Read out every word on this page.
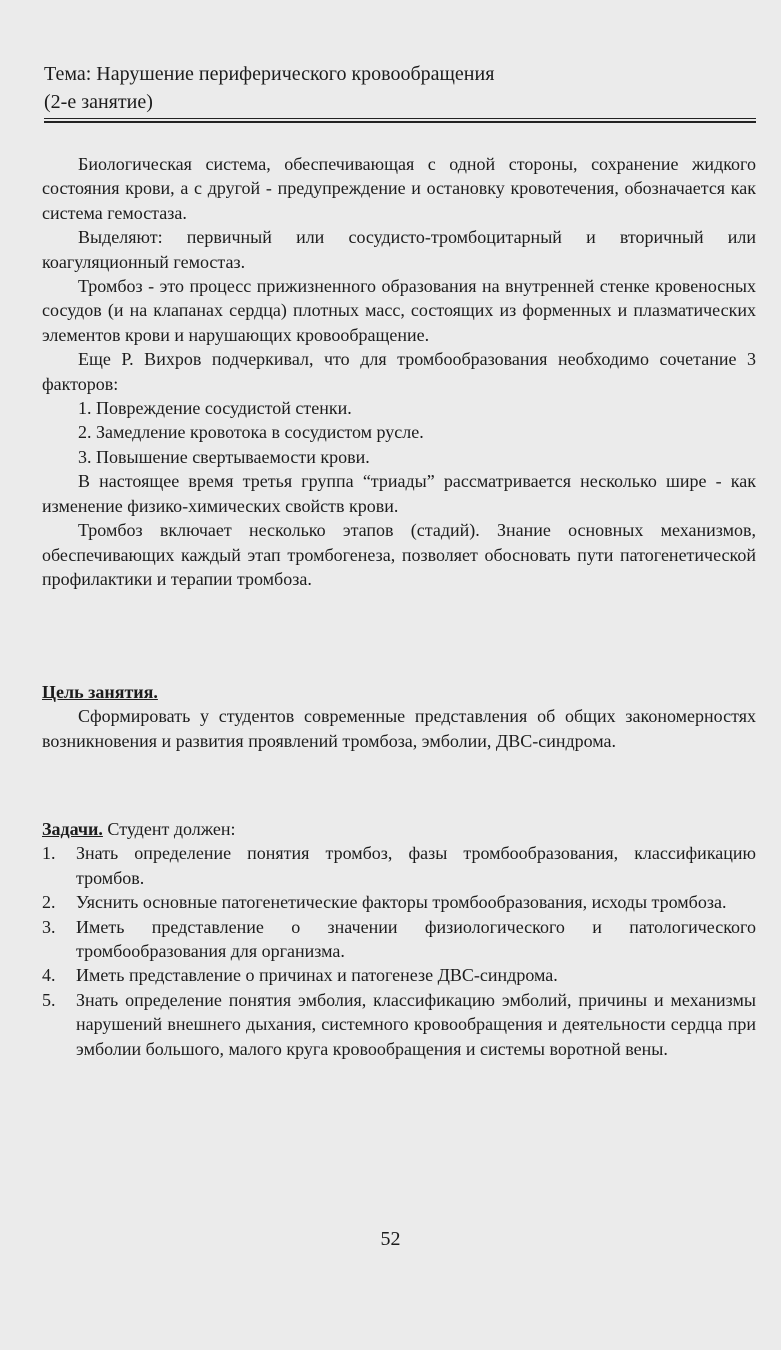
Тема: Нарушение периферического кровообращения
(2-е занятие)

Биологическая система, обеспечивающая с одной стороны, сохранение жидкого состояния крови, а с другой - предупреждение и остановку кровотечения, обозначается как система гемостаза.

Выделяют: первичный или сосудисто-тромбоцитарный и вторичный или коагуляционный гемостаз.

Тромбоз - это процесс прижизненного образования на внутренней стенке кровеносных сосудов (и на клапанах сердца) плотных масс, состоящих из форменных и плазматических элементов крови и нарушающих кровообращение.

Еще Р. Вихров подчеркивал, что для тромбообразования необходимо сочетание 3 факторов:

1. Повреждение сосудистой стенки.

2. Замедление кровотока в сосудистом русле.

3. Повышение свертываемости крови.

В настоящее время третья группа “триады” рассматривается несколько шире - как изменение физико-химических свойств крови.

Тромбоз включает несколько этапов (стадий). Знание основных механизмов, обеспечивающих каждый этап тромбогенеза, позволяет обосновать пути патогенетической профилактики и терапии тромбоза.

Цель занятия.

Сформировать у студентов современные представления об общих закономерностях возникновения и развития проявлений тромбоза, эмболии, ДВС-синдрома.

Задачи. Студент должен:
1. Знать определение понятия тромбоз, фазы тромбообразования, классификацию тромбов.
2. Уяснить основные патогенетические факторы тромбообразования, исходы тромбоза.
3. Иметь представление о значении физиологического и патологического тромбообразования для организма.
4. Иметь представление о причинах и патогенезе ДВС-синдрома.
5. Знать определение понятия эмболия, классификацию эмболий, причины и механизмы нарушений внешнего дыхания, системного кровообращения и деятельности сердца при эмболии большого, малого круга кровообращения и системы воротной вены.
52
